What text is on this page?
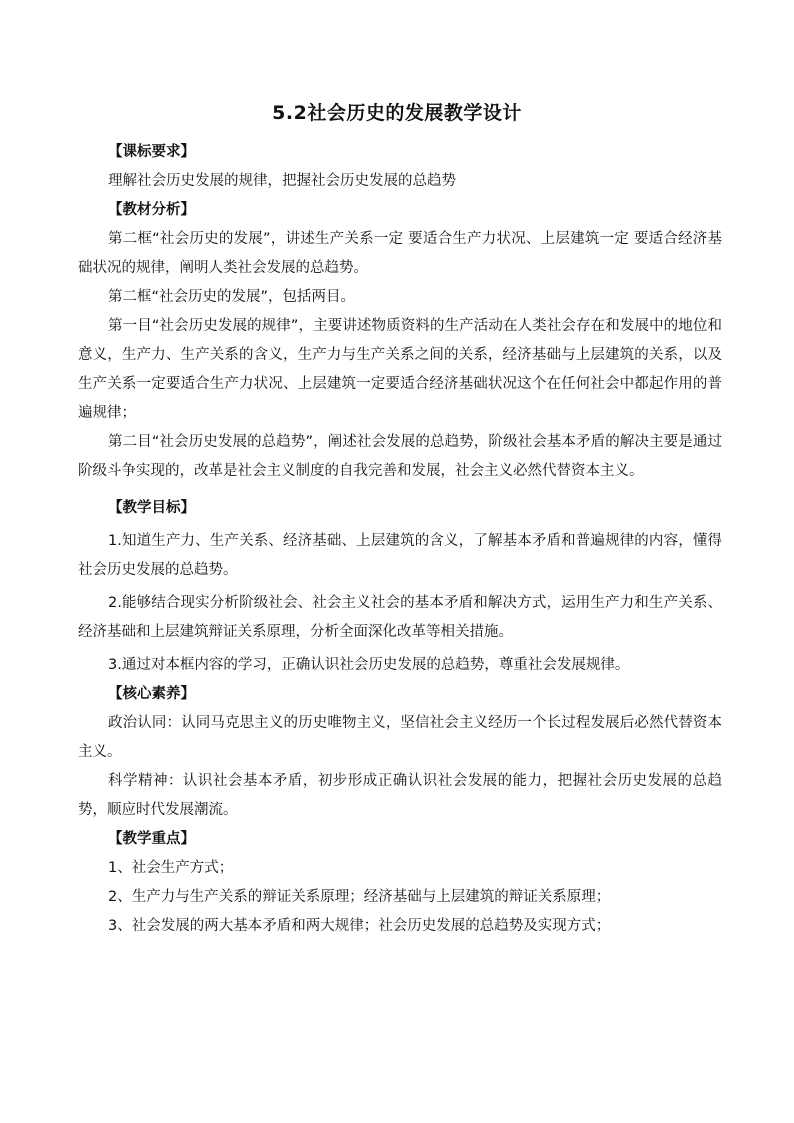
5.2社会历史的发展教学设计
【课标要求】

理解社会历史发展的规律，把握社会历史发展的总趋势

【教材分析】

第二框“社会历史的发展”，讲述生产关系一定 要适合生产力状况、上层建筑一定 要适合经济基础状况的规律，阐明人类社会发展的总趋势。

第二框“社会历史的发展”，包括两目。

第一目“社会历史发展的规律”，主要讲述物质资料的生产活动在人类社会存在和发展中的地位和意义，生产力、生产关系的含义，生产力与生产关系之间的关系，经济基础与上层建筑的关系，以及生产关系一定要适合生产力状况、上层建筑一定要适合经济基础状况这个在任何社会中都起作用的普遍规律；

第二目“社会历史发展的总趋势”，阐述社会发展的总趋势，阶级社会基本矛盾的解决主要是通过阶级斗争实现的，改革是社会主义制度的自我完善和发展，社会主义必然代替资本主义。

【教学目标】

1.知道生产力、生产关系、经济基础、上层建筑的含义，了解基本矛盾和普遍规律的内容，懂得社会历史发展的总趋势。

2.能够结合现实分析阶级社会、社会主义社会的基本矛盾和解决方式，运用生产力和生产关系、经济基础和上层建筑辩证关系原理，分析全面深化改革等相关措施。

3.通过对本框内容的学习，正确认识社会历史发展的总趋势，尊重社会发展规律。

【核心素养】

政治认同：认同马克思主义的历史唯物主义，坚信社会主义经历一个长过程发展后必然代替资本主义。

科学精神：认识社会基本矛盾，初步形成正确认识社会发展的能力，把握社会历史发展的总趋势，顺应时代发展潮流。

【教学重点】

1、社会生产方式；

2、生产力与生产关系的辩证关系原理；经济基础与上层建筑的辩证关系原理；

3、社会发展的两大基本矛盾和两大规律；社会历史发展的总趋势及实现方式；
